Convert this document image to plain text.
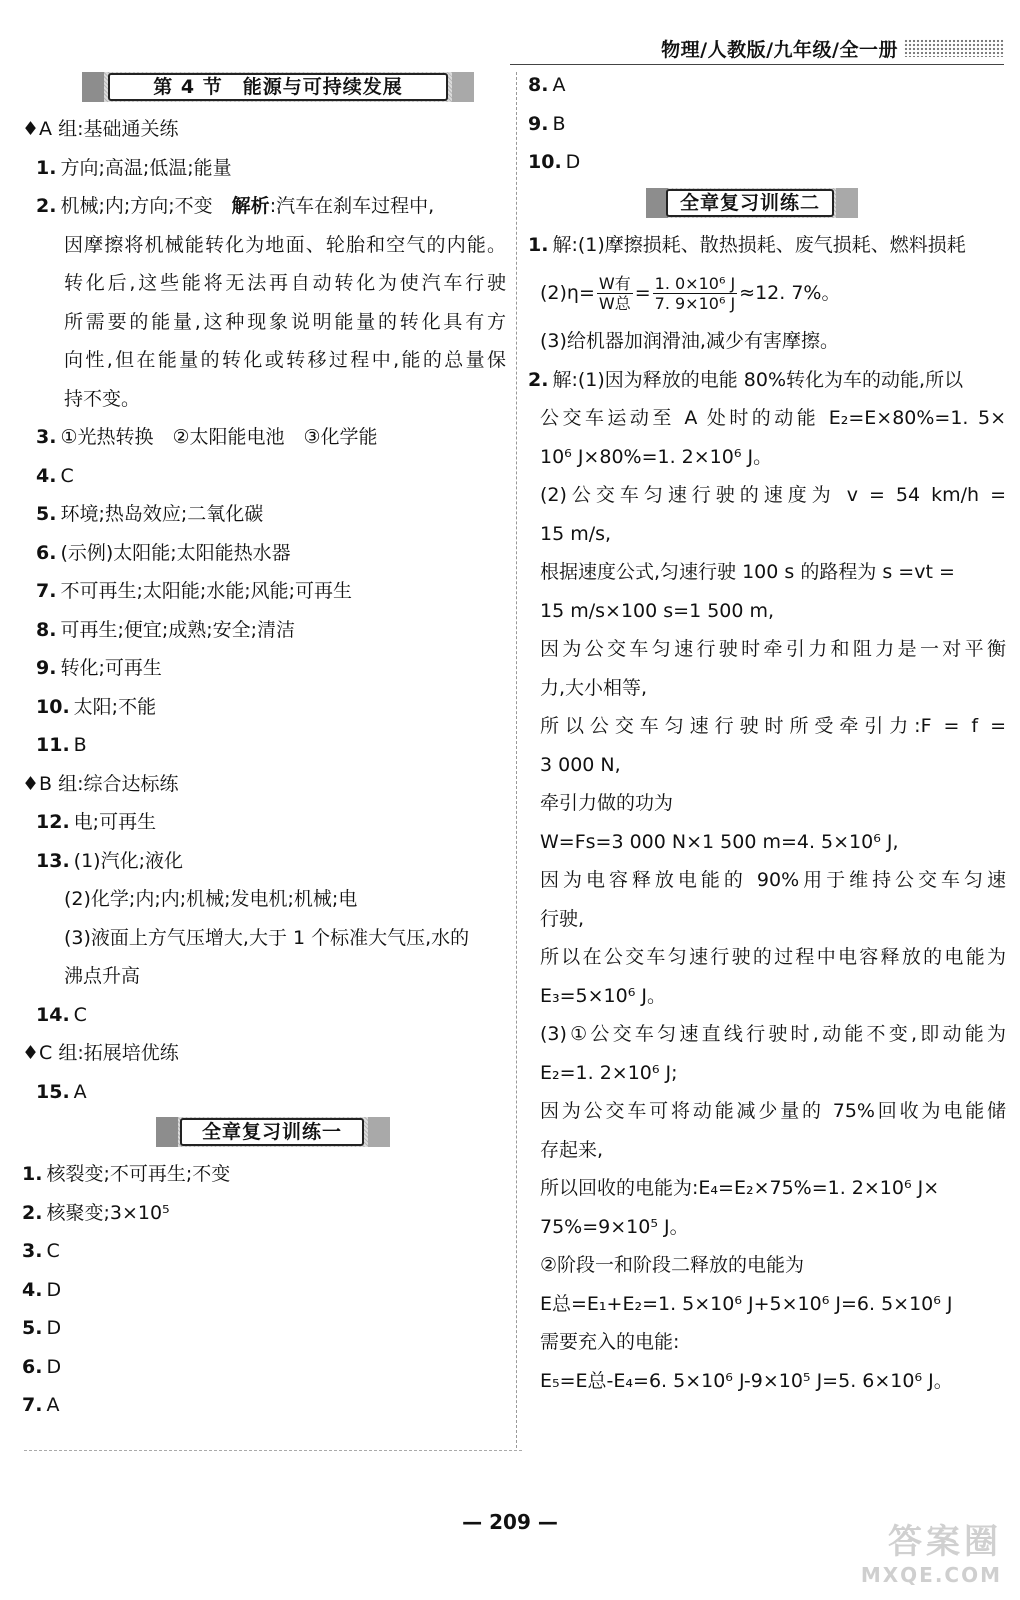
物理/人教版/九年级/全一册
第 4 节　能源与可持续发展
♦A 组:基础通关练
1. 方向;高温;低温;能量
2. 机械;内;方向;不变　解析:汽车在刹车过程中,
因摩擦将机械能转化为地面、轮胎和空气的内能。
转化后,这些能将无法再自动转化为使汽车行驶
所需要的能量,这种现象说明能量的转化具有方
向性,但在能量的转化或转移过程中,能的总量保
持不变。
3. ①光热转换　②太阳能电池　③化学能
4. C
5. 环境;热岛效应;二氧化碳
6. (示例)太阳能;太阳能热水器
7. 不可再生;太阳能;水能;风能;可再生
8. 可再生;便宜;成熟;安全;清洁
9. 转化;可再生
10. 太阳;不能
11. B
♦B 组:综合达标练
12. 电;可再生
13. (1)汽化;液化
(2)化学;内;内;机械;发电机;机械;电
(3)液面上方气压增大,大于 1 个标准大气压,水的
沸点升高
14. C
♦C 组:拓展培优练
15. A
全章复习训练一
1. 核裂变;不可再生;不变
2. 核聚变;3×10⁵
3. C
4. D
5. D
6. D
7. A
8. A
9. B
10. D
全章复习训练二
1. 解:(1)摩擦损耗、散热损耗、废气损耗、燃料损耗
$(2)\eta= \frac{\text{W有}}{\text{W总}} = \frac{\text{1. 0×10⁶ J}}{\text{7. 9×10⁶ J}} \approx 12$. 7%。
(3)给机器加润滑油,减少有害摩擦。
2. 解:(1)因为释放的电能 80%转化为车的动能,所以
公交车运动至 A 处时的动能 E₂=E×80%=1. 5×
10⁶ J×80%=1. 2×10⁶ J。
(2)公交车匀速行驶的速度为 v = 54 km/h =
15 m/s,
根据速度公式,匀速行驶 100 s 的路程为 s =vt =
15 m/s×100 s=1 500 m,
因为公交车匀速行驶时牵引力和阻力是一对平衡
力,大小相等,
所以公交车匀速行驶时所受牵引力:F = f =
3 000 N,
牵引力做的功为
W=Fs=3 000 N×1 500 m=4. 5×10⁶ J,
因为电容释放电能的 90%用于维持公交车匀速
行驶,
所以在公交车匀速行驶的过程中电容释放的电能为
E₃=5×10⁶ J。
(3)①公交车匀速直线行驶时,动能不变,即动能为
E₂=1. 2×10⁶ J;
因为公交车可将动能减少量的 75%回收为电能储
存起来,
所以回收的电能为:E₄=E₂×75%=1. 2×10⁶ J×
75%=9×10⁵ J。
②阶段一和阶段二释放的电能为
E总=E₁+E₂=1. 5×10⁶ J+5×10⁶ J=6. 5×10⁶ J
需要充入的电能:
E₅=E总-E₄=6. 5×10⁶ J-9×10⁵ J=5. 6×10⁶ J。
— 209 —	答案圈
MXQE.COM
